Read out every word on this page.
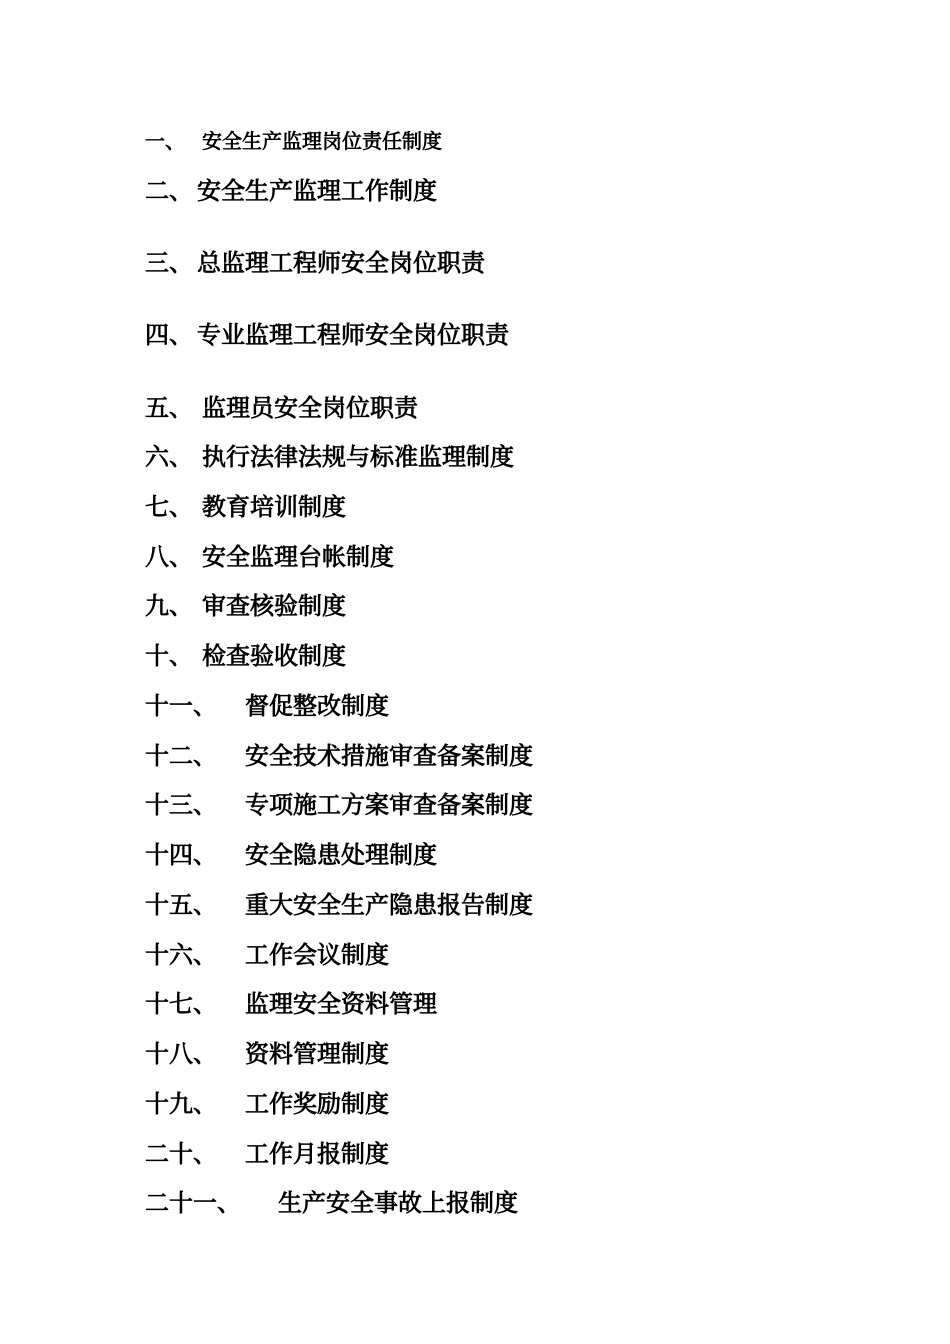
一、 安全生产监理岗位责任制度
二、 安全生产监理工作制度
三、 总监理工程师安全岗位职责
四、 专业监理工程师安全岗位职责
五、 监理员安全岗位职责
六、 执行法律法规与标准监理制度
七、 教育培训制度
八、 安全监理台帐制度
九、 审查核验制度
十、 检查验收制度
十一、 督促整改制度
十二、 安全技术措施审查备案制度
十三、 专项施工方案审查备案制度
十四、 安全隐患处理制度
十五、 重大安全生产隐患报告制度
十六、 工作会议制度
十七、 监理安全资料管理
十八、 资料管理制度
十九、 工作奖励制度
二十、 工作月报制度
二十一、 生产安全事故上报制度
